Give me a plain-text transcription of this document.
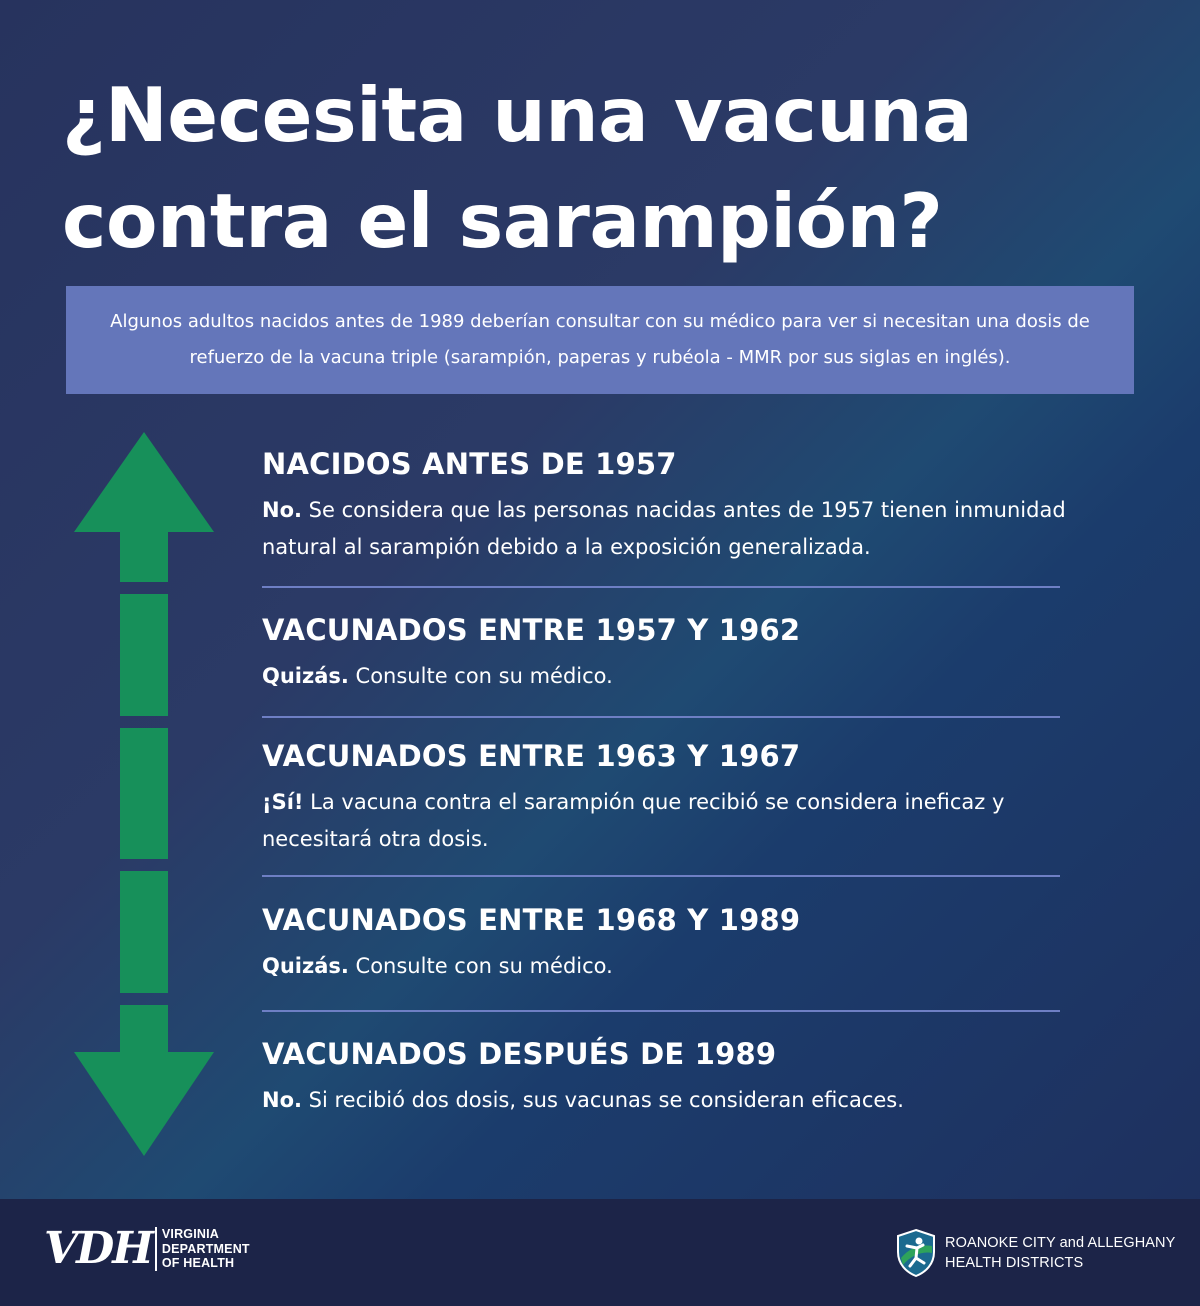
¿Necesita una vacuna
contra el sarampión?

Algunos adultos nacidos antes de 1989 deberían consultar con su médico para ver si necesitan una dosis de refuerzo de la vacuna triple (sarampión, paperas y rubéola - MMR por sus siglas en inglés).

NACIDOS ANTES DE 1957

No. Se considera que las personas nacidas antes de 1957 tienen inmunidad natural al sarampión debido a la exposición generalizada.

VACUNADOS ENTRE 1957 Y 1962

Quizás. Consulte con su médico.

VACUNADOS ENTRE 1963 Y 1967

¡Sí! La vacuna contra el sarampión que recibió se considera ineficaz y necesitará otra dosis.

VACUNADOS ENTRE 1968 Y 1989

Quizás. Consulte con su médico.

VACUNADOS DESPUÉS DE 1989

No. Si recibió dos dosis, sus vacunas se consideran eficaces.

VDH VIRGINIA
DEPARTMENT
OF HEALTH
ROANOKE CITY and ALLEGHANY
HEALTH DISTRICTS
